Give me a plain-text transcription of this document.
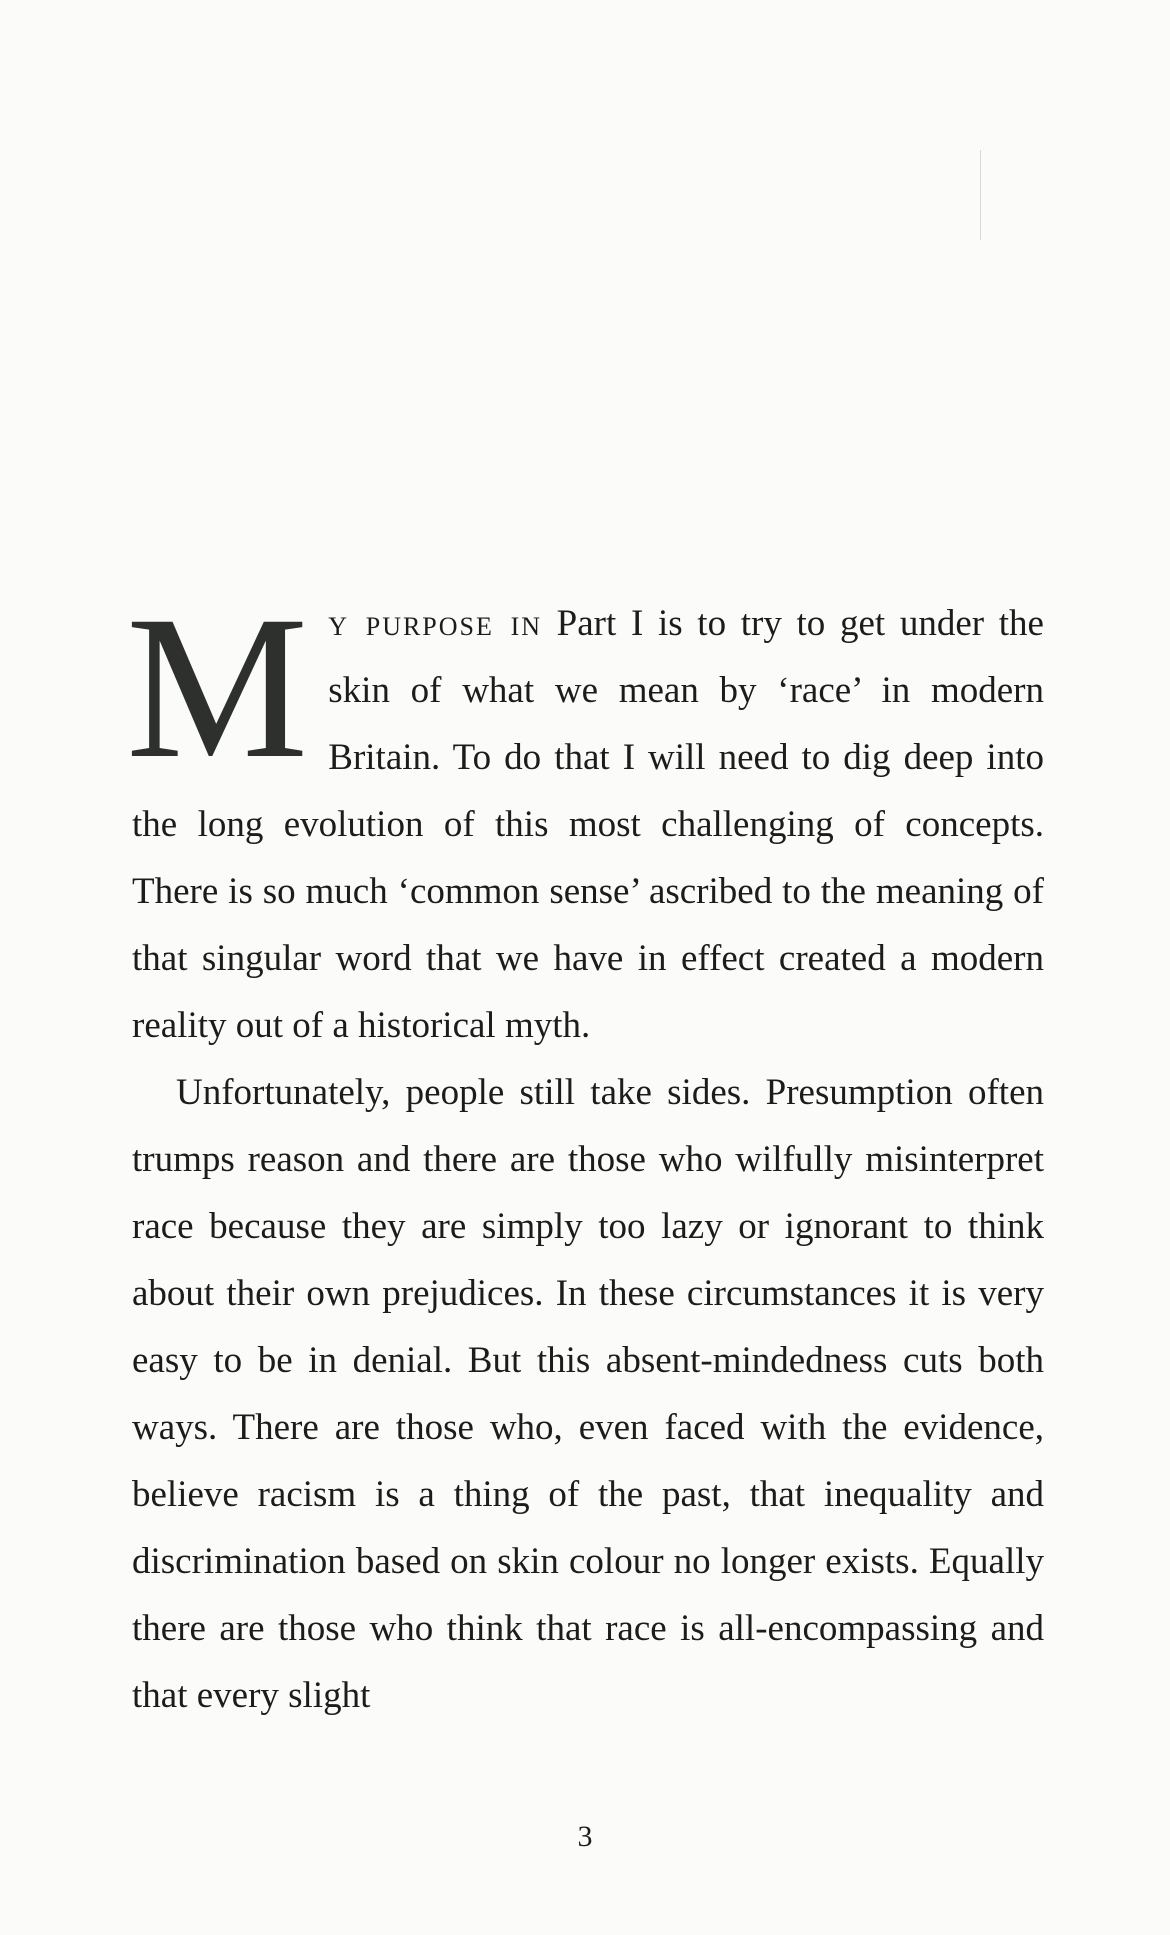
My purpose in Part I is to try to get under the skin of what we mean by ‘race’ in modern Britain. To do that I will need to dig deep into the long evolution of this most challenging of concepts. There is so much ‘common sense’ ascribed to the meaning of that singular word that we have in effect created a modern reality out of a historical myth.

Unfortunately, people still take sides. Presumption often trumps reason and there are those who wilfully misinterpret race because they are simply too lazy or ignorant to think about their own prejudices. In these circumstances it is very easy to be in denial. But this absent-mindedness cuts both ways. There are those who, even faced with the evidence, believe racism is a thing of the past, that inequality and discrimination based on skin colour no longer exists. Equally there are those who think that race is all-encompassing and that every slight

3
